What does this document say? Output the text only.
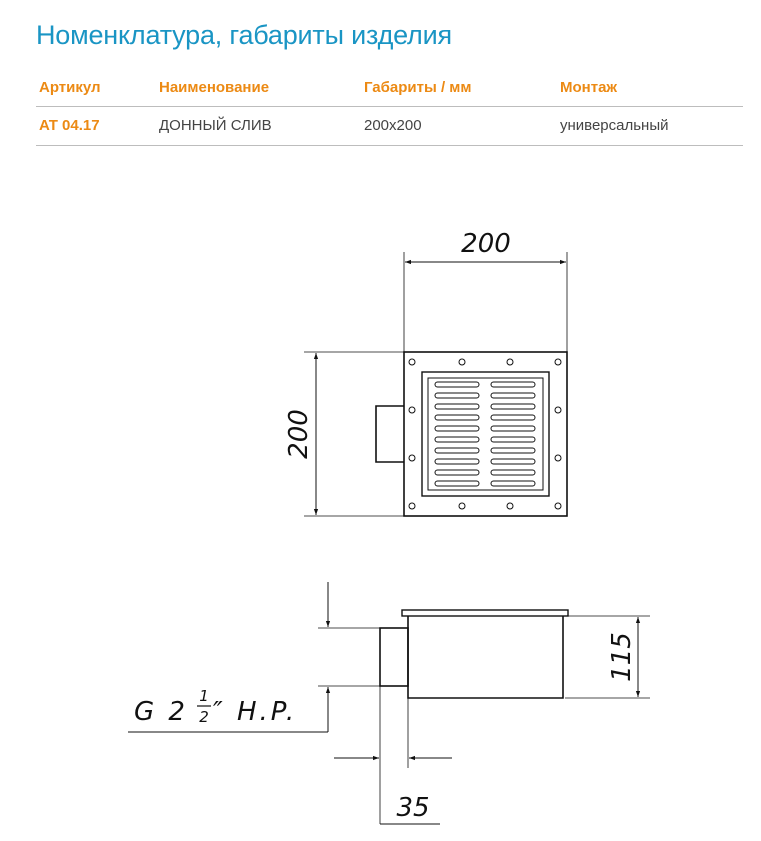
Номенклатура, габариты изделия
Артикул	Наименование	Габариты / мм	Монтаж
AT 04.17	ДОННЫЙ СЛИВ	200x200	универсальный
200
200
115
35
G 2
1
2 ″ H.P.
